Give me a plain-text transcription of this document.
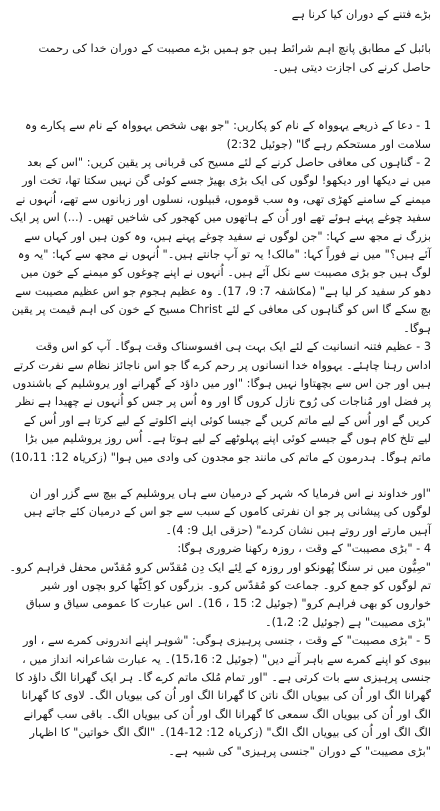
بڑے فتنے کے دوران کیا کرنا ہے

بائبل کے مطابق پانچ اہم شرائط ہیں جو ہمیں بڑے مصیبت کے دوران خدا کی رحمت حاصل کرنے کی اجازت دیتی ہیں۔

1 - دعا کے ذریعے یہوواہ کے نام کو پکاریں: "جو بھی شخص یہوواہ کے نام سے پکارے وہ سلامت اور مستحکم رہے گا" (جوئیل 2:32)

2 - گناہوں کی معافی حاصل کرنے کے لئے مسیح کی قربانی پر یقین کریں: "اس کے بعد میں نے دیکھا اور دیکھو! لوگوں کی ایک بڑی بھیڑ جسے کوئی گن نہیں سکتا تھا، تخت اور میمنے کے سامنے کھڑی تھی، وہ سب قوموں، قبیلوں، نسلوں اور زبانوں سے تھے، اُنہوں نے سفید چوغے پہنے ہوئے تھے اور اُن کے ہاتھوں میں کھجور کی شاخیں تھیں۔ (...) اس پر ایک بزرگ نے مجھ سے کہا: "جن لوگوں نے سفید چوغے پہنے ہیں، وہ کون ہیں اور کہاں سے آئے ہیں؟" میں نے فوراً کہا: "مالک! یہ تو آپ جانتے ہیں۔" اُنہوں نے مجھ سے کہا: "یہ وہ لوگ ہیں جو بڑی مصیبت سے نکل آئے ہیں۔ اُنہوں نے اپنے چوغوں کو میمنے کے خون میں دھو کر سفید کر لیا ہے" (مکاشفہ 7: 9، 17)۔ وہ عظیم ہجوم جو اس عظیم مصیبت سے بچ سکے گا اس کو گناہوں کی معافی کے لئے Christ مسیح کے خون کی اہم قیمت پر یقین ہوگا۔

3 - عظیم فتنہ انسانیت کے لئے ایک بہت ہی افسوسناک وقت ہوگا۔ آپ کو اس وقت اداس رہنا چاہئے۔ یہوواہ خدا انسانوں پر رحم کرے گا جو اس ناجائز نظام سے نفرت کرتے ہیں اور جن اس سے بچھتاوا نہیں ہوگا: "اور میں داؤد کے گھرانے اور یروشلیم کے باشندوں پر فضل اور مُناجات کی رُوح نازل کروں گا اور وہ اُس پر جس کو اُنہوں نے چھیدا ہے نظر کریں گے اور اُس کے لیے ماتم کریں گے جیسا کوئی اپنے اکلوتے کے لیے کرتا ہے اور اُس کے لیے تلخ کام ہوں گے جیسے کوئی اپنے پہلوٹھے کے لیے ہوتا ہے۔ اُس روز یروشلیم میں بڑا ماتم ہوگا۔ ہدرمون کے ماتم کی مانند جو مجدون کی وادی میں ہوا" (زکریاہ 12: 10،11)

"اور خداوند نے اس فرمایا کہ شہر کے درمیان سے ہاں یروشلیم کے بیچ سے گزر اور ان لوگوں کی پیشانی پر جو ان نفرتی کاموں کے سبب سے جو اس کے درمیان کئے جاتے ہیں آہیں مارتے اور روتے ہیں نشان کردے" (حزقی ایل 9: 4)۔

4 - "بڑی مصیبت" کے وقت ، روزہ رکھنا ضروری ہوگا:

"صِیُّون میں نر سنگا پُھونکو اور روزہ کے لِئے ایک دِن مُقدّس کرو مُقدّس محفل فراہم کرو۔ تم لوگوں کو جمع کرو۔ جماعت کو مُقدّس کرو۔ بزرگوں کو اِکٹّھا کرو بچوں اور شیر خواروں کو بھی فراہم کرو" (جوئیل 2: 15 ، 16)۔ اس عبارت کا عمومی سیاق و سباق "بڑی مصیبت" ہے (جوئیل 2: 1،2)۔

5 - "بڑی مصیبت" کے وقت ، جنسی پرہیزی ہوگی: "شوہر اپنے اندرونی کمرے سے ، اور بیوی کو اپنے کمرے سے باہر آنے دیں" (جوئیل 2: 15،16)۔ یہ عبارت شاعرانہ انداز میں ، جنسی پرہیزی سے بات کرتی ہے۔ "اور تمام مُلک ماتم کرے گا۔ ہر ایک گھرانا الگ داؤد کا گھرانا الگ اور اُن کی بیویاں الگ ناتن کا گھرانا الگ اور اُن کی بیویاں الگ۔ لاوی کا گھرانا الگ اور اُن کی بیویاں الگ سمعی کا گھرانا الگ اور اُن کی بیویاں الگ۔ باقی سب گھرانے الگ الگ اور اُن کی بیویاں الگ الگ" (زکریاہ 12: 12-14)۔ "الگ الگ خواتین" کا اظہار "بڑی مصیبت" کے دوران "جنسی پرہیزی" کی شبیہ ہے۔
